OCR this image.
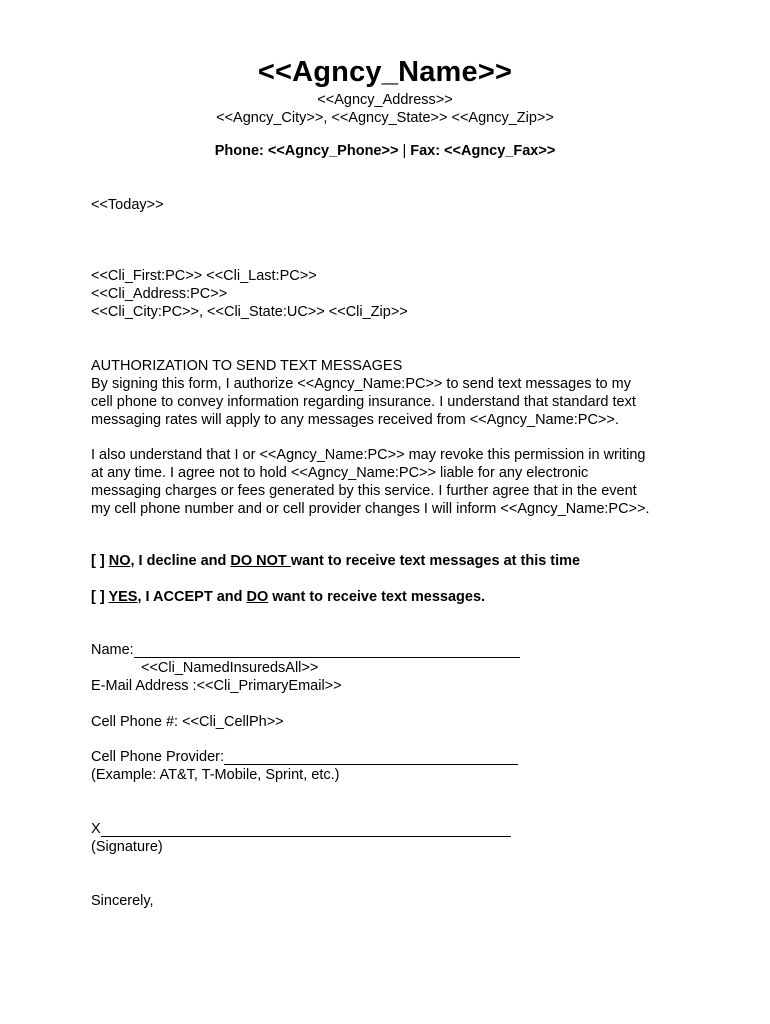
<<Agncy_Name>>
<<Agncy_Address>>
<<Agncy_City>>, <<Agncy_State>> <<Agncy_Zip>>
Phone: <<Agncy_Phone>> | Fax: <<Agncy_Fax>>
<<Today>>
<<Cli_First:PC>> <<Cli_Last:PC>>
<<Cli_Address:PC>>
<<Cli_City:PC>>, <<Cli_State:UC>> <<Cli_Zip>>
AUTHORIZATION TO SEND TEXT MESSAGES
By signing this form, I authorize <<Agncy_Name:PC>> to send text messages to my
cell phone to convey information regarding insurance. I understand that standard text
messaging rates will apply to any messages received from <<Agncy_Name:PC>>.
I also understand that I or <<Agncy_Name:PC>> may revoke this permission in writing
at any time. I agree not to hold <<Agncy_Name:PC>> liable for any electronic
messaging charges or fees generated by this service. I further agree that in the event
my cell phone number and or cell provider changes I will inform <<Agncy_Name:PC>>.
[ ] NO, I decline and DO NOT want to receive text messages at this time
[ ] YES, I ACCEPT and DO want to receive text messages.
Name:
<<Cli_NamedInsuredsAll>>
E-Mail Address :<<Cli_PrimaryEmail>>
Cell Phone #: <<Cli_CellPh>>
Cell Phone Provider:
(Example: AT&T, T-Mobile, Sprint, etc.)
X
(Signature)
Sincerely,
